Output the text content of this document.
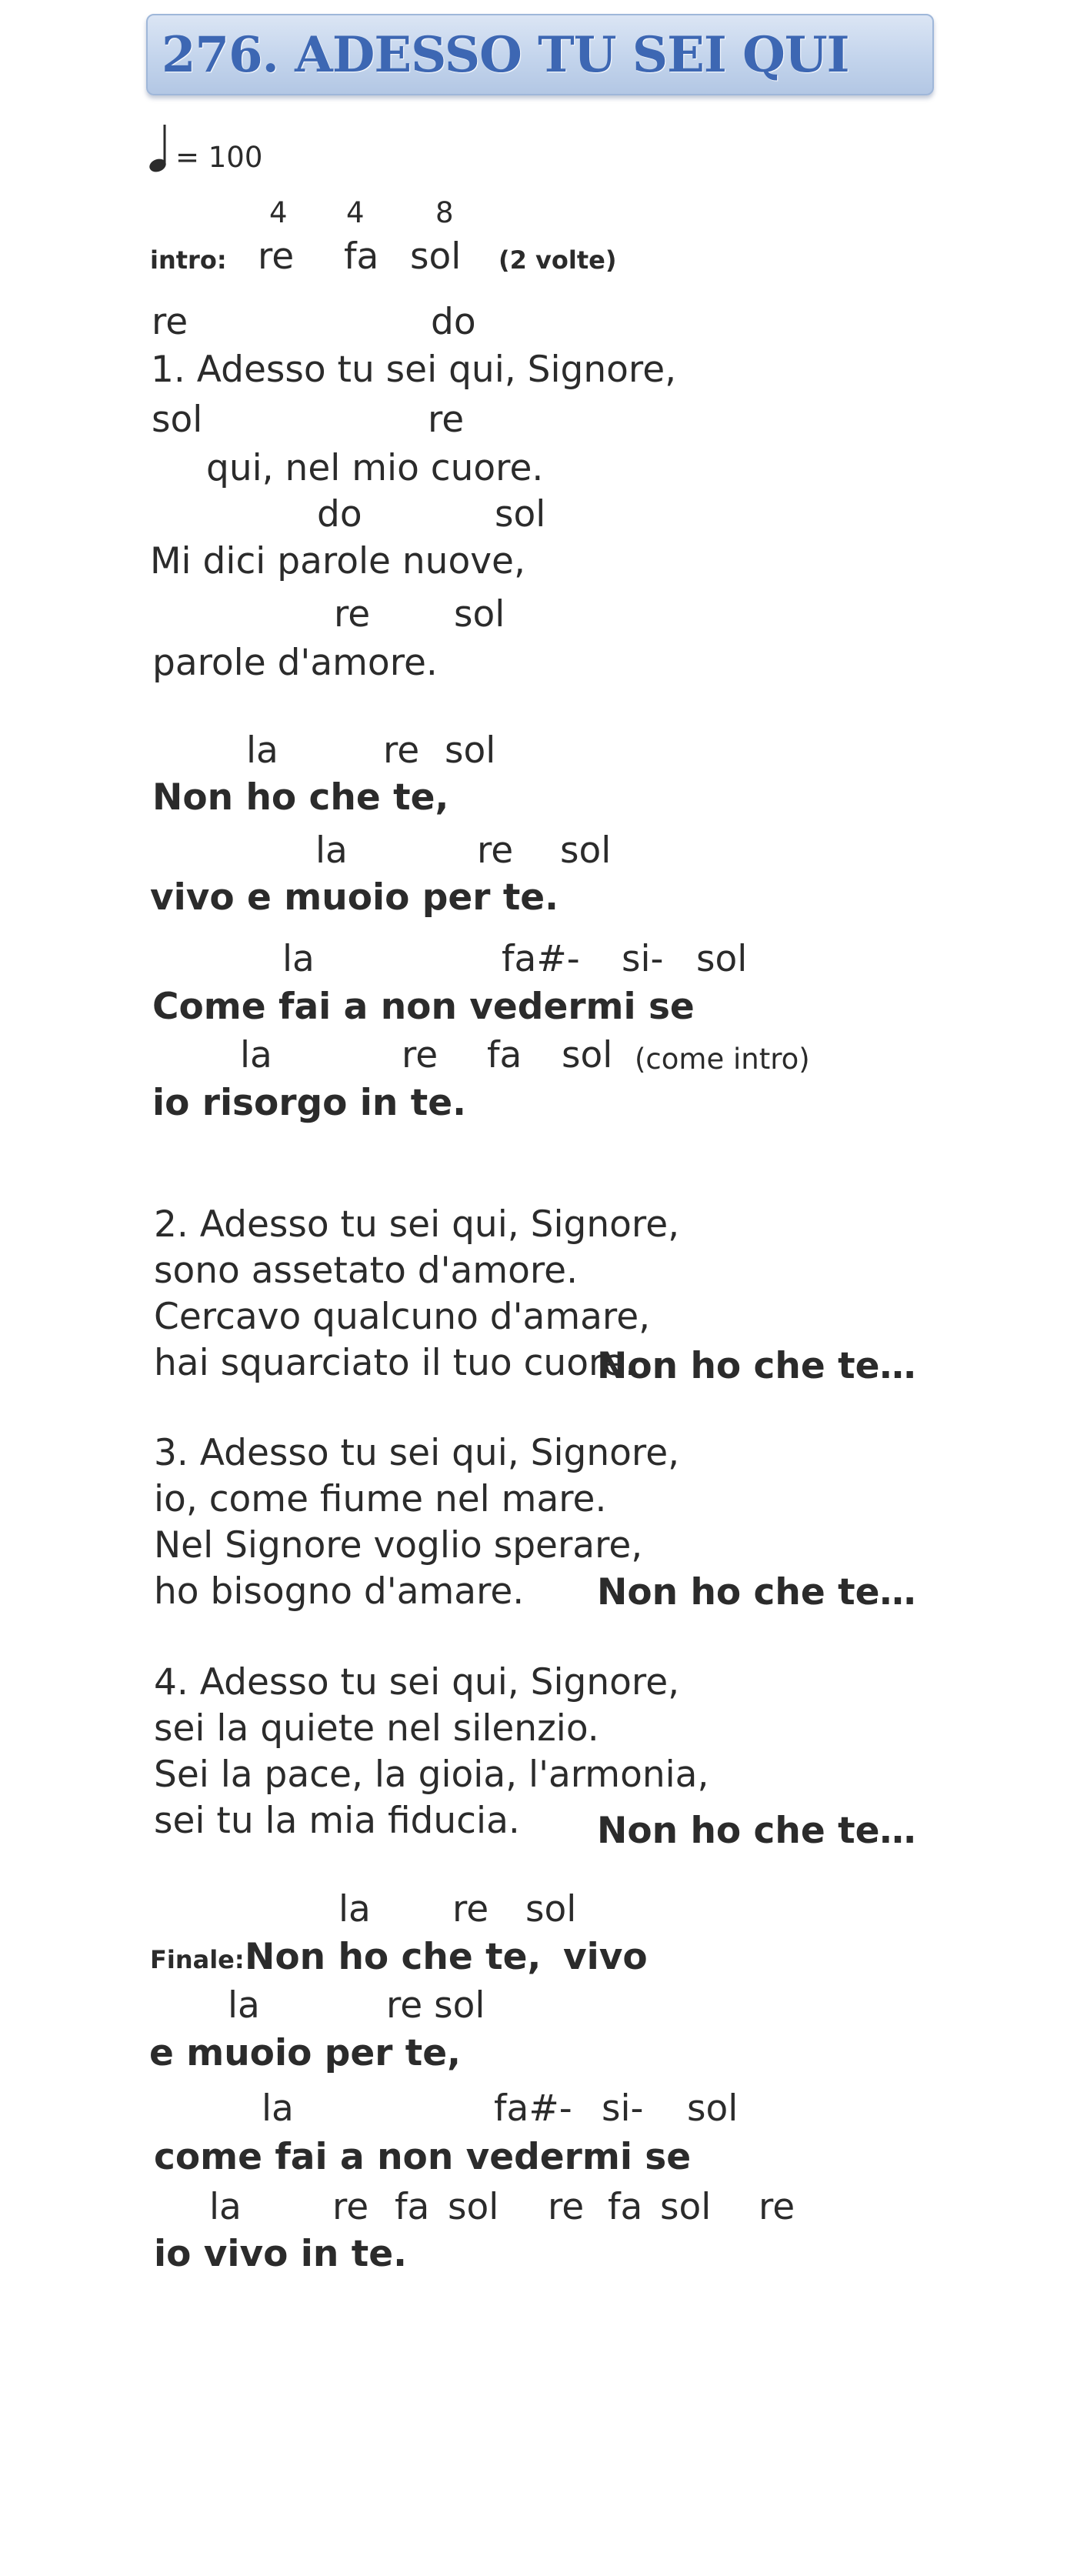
276. ADESSO TU SEI QUI
= 100
4 4 8
intro: re fa sol (2 volte)
re	do
1. Adesso tu sei qui, Signore,
sol	re
qui, nel mio cuore.
do	sol
Mi dici parole nuove,
re sol
parole d'amore.
la	re sol
Non ho che te,
la	re sol
vivo e muoio per te.
la	fa#- si- sol
Come fai a non vedermi se
la	re fa sol (come intro)
io risorgo in te.
2. Adesso tu sei qui, Signore,
sono assetato d'amore.
Cercavo qualcuno d'amare,
hai squarciato il tuo cuore.
Non ho che te…
3. Adesso tu sei qui, Signore,
io, come fiume nel mare.
Nel Signore voglio sperare,
ho bisogno d'amare. Non ho che te…
4. Adesso tu sei qui, Signore,
sei la quiete nel silenzio.
Sei la pace, la gioia, l'armonia,
sei tu la mia fiducia. Non ho che te…
la re sol
Finale: Non ho che te, vivo
la	re sol
e muoio per te,
la	fa#- si- sol
come fai a non vedermi se
la	re fa sol re fa sol re
io vivo in te.
